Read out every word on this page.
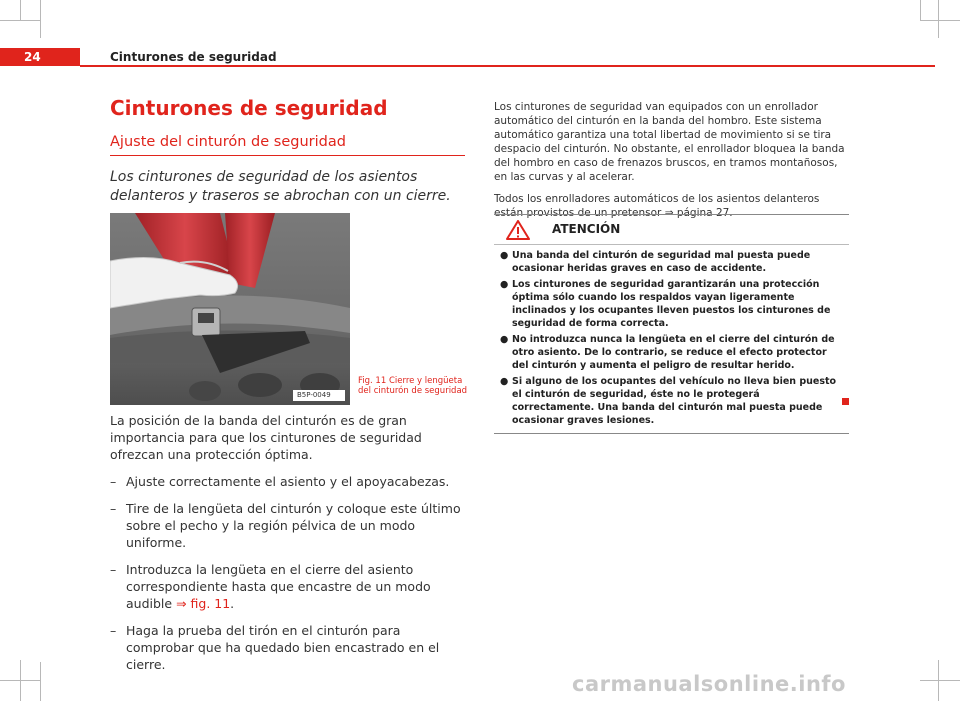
24	Cinturones de seguridad
Cinturones de seguridad
Ajuste del cinturón de seguridad

Los cinturones de seguridad de los asientos delanteros y traseros se abrochan con un cierre.

B5P-0049
Fig. 11 Cierre y lengüeta del cinturón de seguridad

La posición de la banda del cinturón es de gran importancia para que los cinturones de seguridad ofrezcan una protección óptima.

– Ajuste correctamente el asiento y el apoyacabezas.
– Tire de la lengüeta del cinturón y coloque este último sobre el pecho y la región pélvica de un modo uniforme.
– Introduzca la lengüeta en el cierre del asiento correspondiente hasta que encastre de un modo audible ⇒ fig. 11.
– Haga la prueba del tirón en el cinturón para comprobar que ha quedado bien encastrado en el cierre.

Los cinturones de seguridad van equipados con un enrollador automático del cinturón en la banda del hombro. Este sistema automático garantiza una total libertad de movimiento si se tira despacio del cinturón. No obstante, el enrollador bloquea la banda del hombro en caso de frenazos bruscos, en tramos montañosos, en las curvas y al acelerar.

Todos los enrolladores automáticos de los asientos delanteros están provistos de un pretensor ⇒ página 27.

ATENCIÓN
● Una banda del cinturón de seguridad mal puesta puede ocasionar heridas graves en caso de accidente.
● Los cinturones de seguridad garantizarán una protección óptima sólo cuando los respaldos vayan ligeramente inclinados y los ocupantes lleven puestos los cinturones de seguridad de forma correcta.
● No introduzca nunca la lengüeta en el cierre del cinturón de otro asiento. De lo contrario, se reduce el efecto protector del cinturón y aumenta el peligro de resultar herido.
● Si alguno de los ocupantes del vehículo no lleva bien puesto el cinturón de seguridad, éste no le protegerá correctamente. Una banda del cinturón mal puesta puede ocasionar graves lesiones.
carmanualsonline.info
